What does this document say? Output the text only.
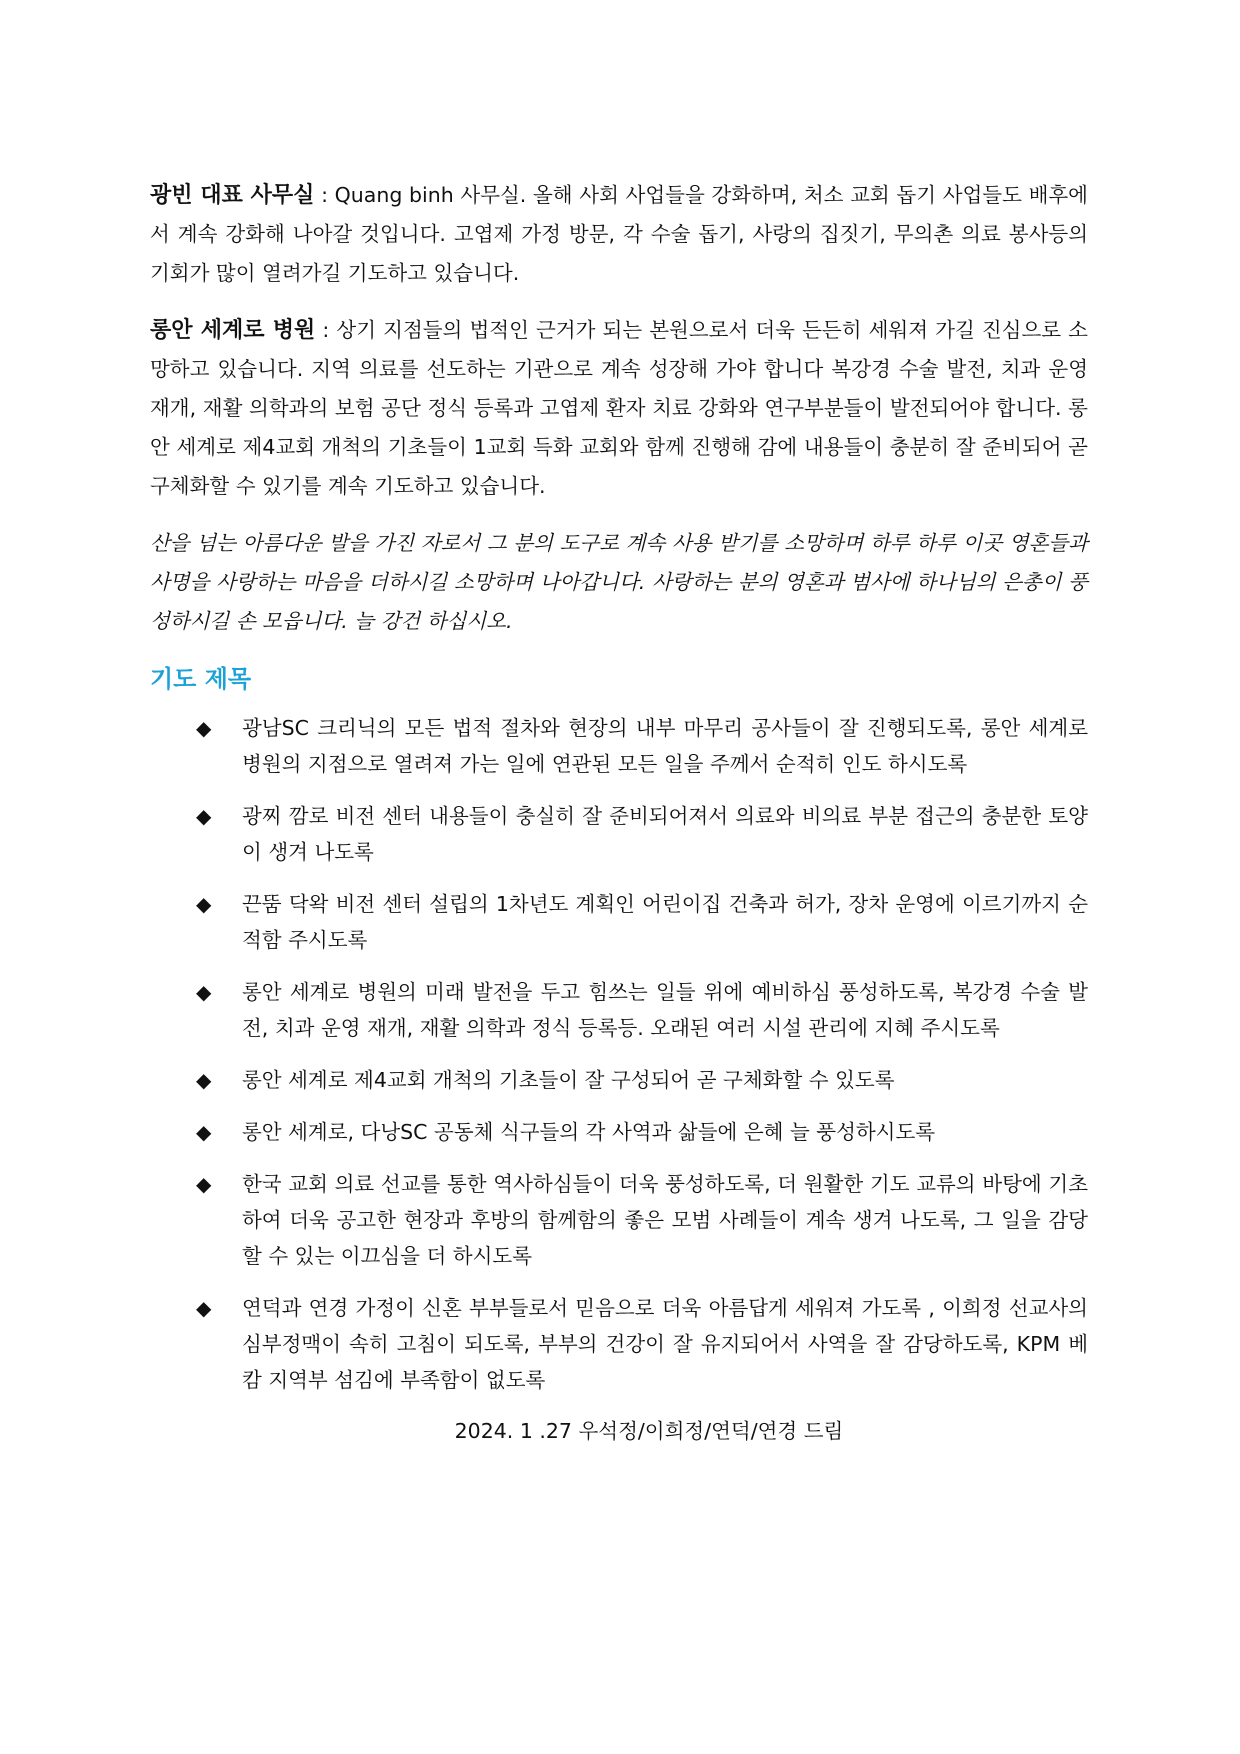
광빈 대표 사무실 : Quang binh 사무실. 올해 사회 사업들을 강화하며, 처소 교회 돕기 사업들도 배후에서 계속 강화해 나아갈 것입니다. 고엽제 가정 방문, 각 수술 돕기, 사랑의 집짓기, 무의촌 의료 봉사등의 기회가 많이 열려가길 기도하고 있습니다.

롱안 세계로 병원 : 상기 지점들의 법적인 근거가 되는 본원으로서 더욱 든든히 세워져 가길 진심으로 소망하고 있습니다. 지역 의료를 선도하는 기관으로 계속 성장해 가야 합니다 복강경 수술 발전, 치과 운영 재개, 재활 의학과의 보험 공단 정식 등록과 고엽제 환자 치료 강화와 연구부분들이 발전되어야 합니다. 롱안 세계로 제4교회 개척의 기초들이 1교회 득화 교회와 함께 진행해 감에 내용들이 충분히 잘 준비되어 곧 구체화할 수 있기를 계속 기도하고 있습니다.

산을 넘는 아름다운 발을 가진 자로서 그 분의 도구로 계속 사용 받기를 소망하며 하루 하루 이곳 영혼들과 사명을 사랑하는 마음을 더하시길 소망하며 나아갑니다. 사랑하는 분의 영혼과 범사에 하나님의 은총이 풍성하시길 손 모읍니다. 늘 강건 하십시오.

기도 제목
◆ 광남SC 크리닉의 모든 법적 절차와 현장의 내부 마무리 공사들이 잘 진행되도록, 롱안 세계로 병원의 지점으로 열려져 가는 일에 연관된 모든 일을 주께서 순적히 인도 하시도록
◆ 광찌 깜로 비전 센터 내용들이 충실히 잘 준비되어져서 의료와 비의료 부분 접근의 충분한 토양이 생겨 나도록
◆ 끈뚬 닥왁 비전 센터 설립의 1차년도 계획인 어린이집 건축과 허가, 장차 운영에 이르기까지 순적함 주시도록
◆ 롱안 세계로 병원의 미래 발전을 두고 힘쓰는 일들 위에 예비하심 풍성하도록, 복강경 수술 발전, 치과 운영 재개, 재활 의학과 정식 등록등. 오래된 여러 시설 관리에 지혜 주시도록
◆ 롱안 세계로 제4교회 개척의 기초들이 잘 구성되어 곧 구체화할 수 있도록
◆ 롱안 세계로, 다낭SC 공동체 식구들의 각 사역과 삶들에 은혜 늘 풍성하시도록
◆ 한국 교회 의료 선교를 통한 역사하심들이 더욱 풍성하도록, 더 원활한 기도 교류의 바탕에 기초하여 더욱 공고한 현장과 후방의 함께함의 좋은 모범 사례들이 계속 생겨 나도록, 그 일을 감당할 수 있는 이끄심을 더 하시도록
◆ 연덕과 연경 가정이 신혼 부부들로서 믿음으로 더욱 아름답게 세워져 가도록 , 이희정 선교사의 심부정맥이 속히 고침이 되도록, 부부의 건강이 잘 유지되어서 사역을 잘 감당하도록, KPM 베캄 지역부 섬김에 부족함이 없도록
2024. 1 .27 우석정/이희정/연덕/연경 드림
